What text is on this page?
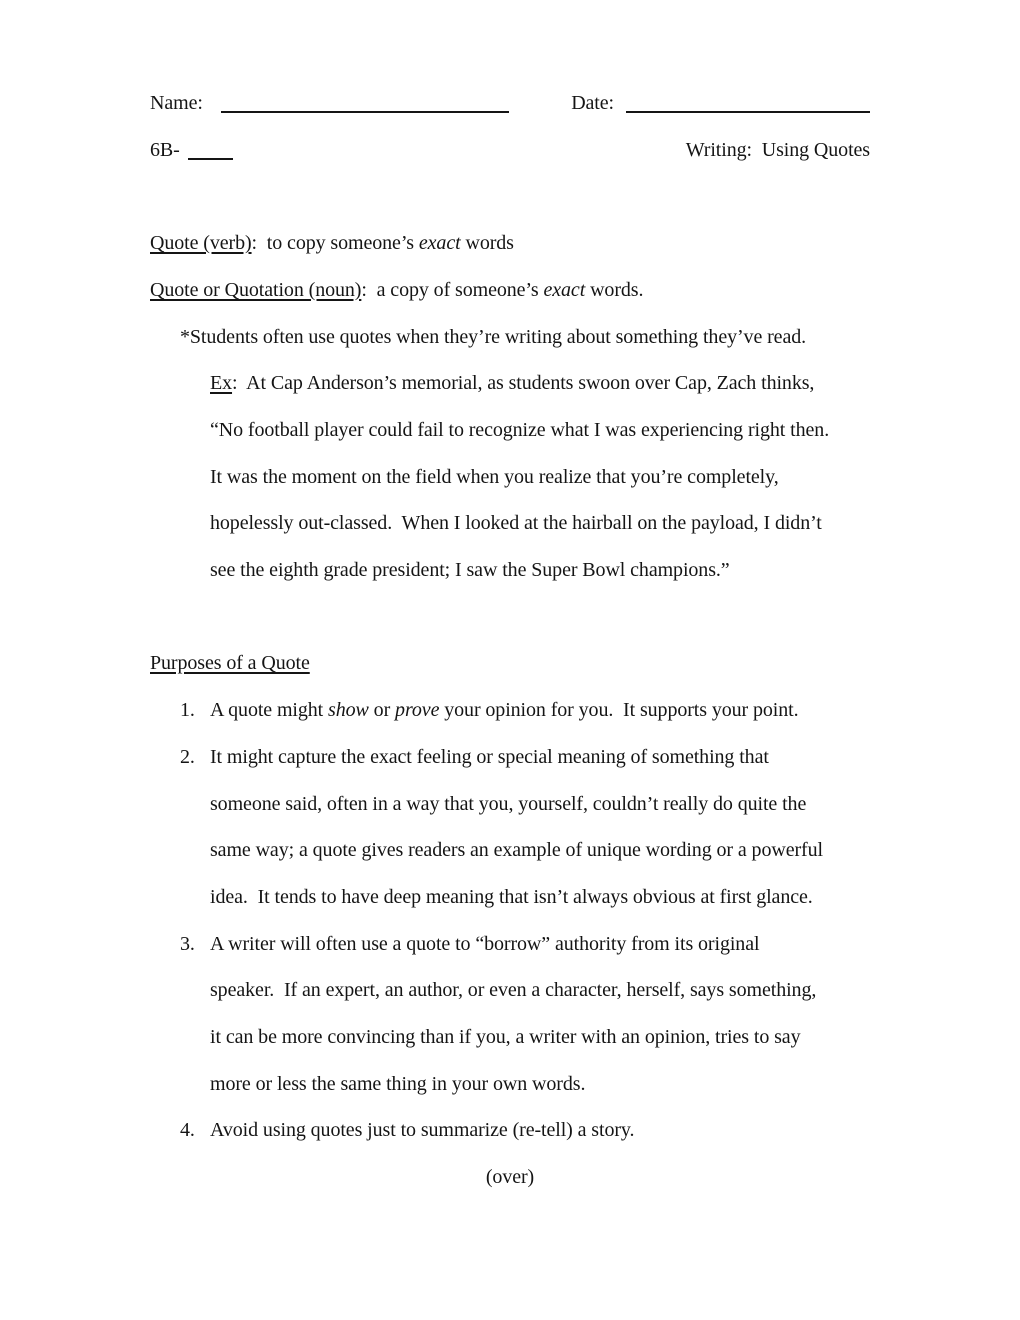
Name:	Date:
6B-	Writing:  Using Quotes

Quote (verb):  to copy someone’s exact words
Quote or Quotation (noun):  a copy of someone’s exact words.
*Students often use quotes when they’re writing about something they’ve read.
Ex:  At Cap Anderson’s memorial, as students swoon over Cap, Zach thinks,
“No football player could fail to recognize what I was experiencing right then.
It was the moment on the field when you realize that you’re completely,
hopelessly out-classed.  When I looked at the hairball on the payload, I didn’t
see the eighth grade president; I saw the Super Bowl champions.”

Purposes of a Quote
1. A quote might show or prove your opinion for you.  It supports your point.
2. It might capture the exact feeling or special meaning of something that
someone said, often in a way that you, yourself, couldn’t really do quite the
same way; a quote gives readers an example of unique wording or a powerful
idea.  It tends to have deep meaning that isn’t always obvious at first glance.
3. A writer will often use a quote to “borrow” authority from its original
speaker.  If an expert, an author, or even a character, herself, says something,
it can be more convincing than if you, a writer with an opinion, tries to say
more or less the same thing in your own words.
4. Avoid using quotes just to summarize (re-tell) a story.
(over)
